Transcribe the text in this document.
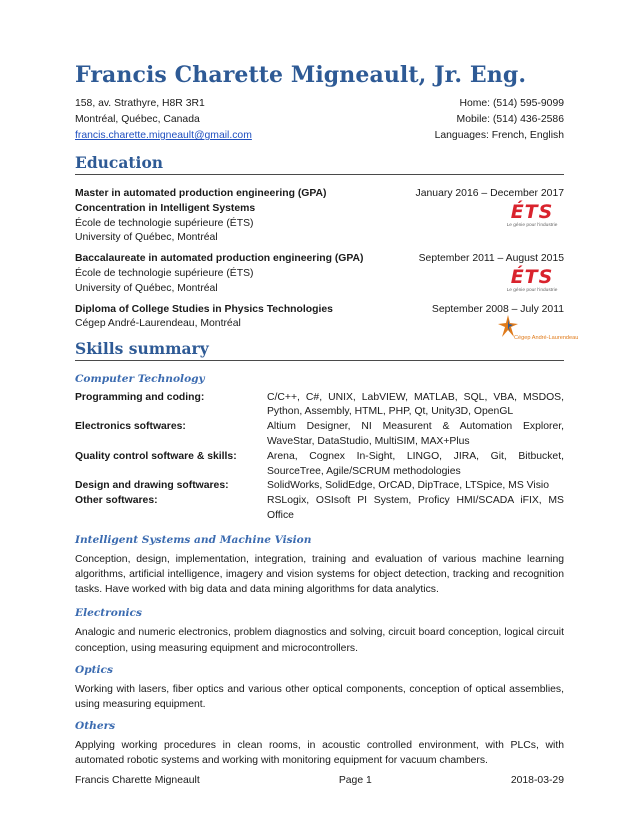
Francis Charette Migneault, Jr. Eng.
158, av. Strathyre, H8R 3R1	Home: (514) 595-9099
Montréal, Québec, Canada	Mobile: (514) 436-2586
francis.charette.migneault@gmail.com	Languages: French, English
Education
Master in automated production engineering (GPA)	January 2016 – December 2017
Concentration in Intelligent Systems
École de technologie supérieure (ÉTS)
University of Québec, Montréal
ÉTS
Le génie pour l'industrie
Baccalaureate in automated production engineering (GPA)	September 2011 – August 2015
École de technologie supérieure (ÉTS)
University of Québec, Montréal
ÉTS
Le génie pour l'industrie
Diploma of College Studies in Physics Technologies	September 2008 – July 2011
Cégep André-Laurendeau, Montréal
Cégep André-Laurendeau
Skills summary
Computer Technology
Programming and coding:	C/C++, C#, UNIX, LabVIEW, MATLAB, SQL, VBA, MSDOS, Python, Assembly, HTML, PHP, Qt, Unity3D, OpenGL
Electronics softwares:	Altium Designer, NI Measurent & Automation Explorer, WaveStar, DataStudio, MultiSIM, MAX+Plus
Quality control software & skills:	Arena, Cognex In-Sight, LINGO, JIRA, Git, Bitbucket, SourceTree, Agile/SCRUM methodologies
Design and drawing softwares:	SolidWorks, SolidEdge, OrCAD, DipTrace, LTSpice, MS Visio
Other softwares:	RSLogix, OSIsoft PI System, Proficy HMI/SCADA iFIX, MS Office
Intelligent Systems and Machine Vision

Conception, design, implementation, integration, training and evaluation of various machine learning algorithms, artificial intelligence, imagery and vision systems for object detection, tracking and recognition tasks. Have worked with big data and data mining algorithms for data analytics.

Electronics

Analogic and numeric electronics, problem diagnostics and solving, circuit board conception, logical circuit conception, using measuring equipment and microcontrollers.

Optics

Working with lasers, fiber optics and various other optical components, conception of optical assemblies, using measuring equipment.

Others

Applying working procedures in clean rooms, in acoustic controlled environment, with PLCs, with automated robotic systems and working with monitoring equipment for vacuum chambers.

Francis Charette Migneault	Page 1	2018-03-29
